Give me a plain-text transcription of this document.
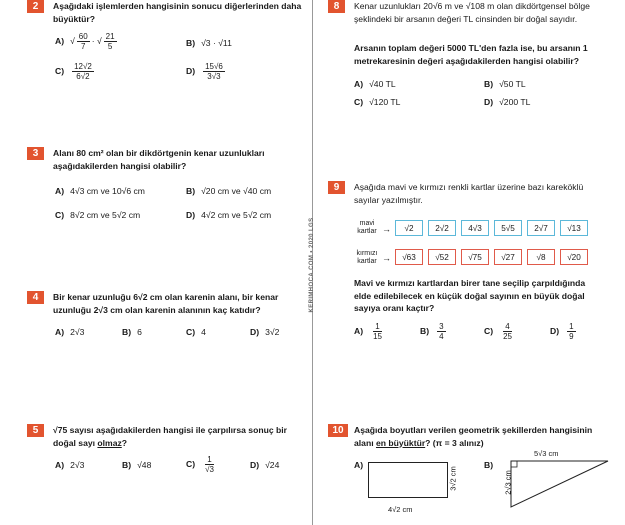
KERIMHOCA.COM • 2020 LGS
2	Aşağıdaki işlemlerden hangisinin sonucu diğerlerinden daha büyüktür?
A) √ $\frac{60}{7}$ · √ $\frac{21}{5}$	B) √3 · √11
$C) \frac{12√2}{6√2}$	$D) \frac{15√6}{3√3}$
3	Alanı 80 cm² olan bir dikdörtgenin kenar uzunlukları aşağıdakilerden hangisi olabilir?
A) 4√3 cm ve 10√6 cm	B) √20 cm ve √40 cm
C) 8√2 cm ve 5√2 cm	D) 4√2 cm ve 5√2 cm
4	Bir kenar uzunluğu 6√2 cm olan karenin alanı, bir kenar uzunluğu 2√3 cm olan karenin alanının kaç katıdır?
A) 2√3	B) 6	C) 4	D) 3√2
5	√75 sayısı aşağıdakilerden hangisi ile çarpılırsa sonuç bir doğal sayı olmaz?
A) 2√3	B) √48	$C) \frac{1}{√3}$	D) √24
8	Kenar uzunlukları 20√6 m ve √108 m olan dikdörtgensel bölge şeklindeki bir arsanın değeri TL cinsinden bir doğal sayıdır.
Arsanın toplam değeri 5000 TL'den fazla ise, bu arsanın 1 metrekaresinin değeri aşağıdakilerden hangisi olabilir?
A) √40 TL	B) √50 TL
C) √120 TL	D) √200 TL
9	Aşağıda mavi ve kırmızı renkli kartlar üzerine bazı kareköklü sayılar yazılmıştır.
mavi kartlar →	√2	2√2	4√3	5√5	2√7	√13
kırmızı kartlar →	√63	√52	√75	√27	√8	√20
Mavi ve kırmızı kartlardan birer tane seçilip çarpıldığında elde edilebilecek en küçük doğal sayının en büyük doğal sayıya oranı kaçtır?
$A) \frac{1}{15}$	$B) \frac{3}{4}$	$C) \frac{4}{25}$	$D) \frac{1}{9}$
10	Aşağıda boyutları verilen geometrik şekillerden hangisinin alanı en büyüktür? (π = 3 alınız)
A)
4√2 cm
3√2 cm
B)
5√3 cm
2√3 cm
